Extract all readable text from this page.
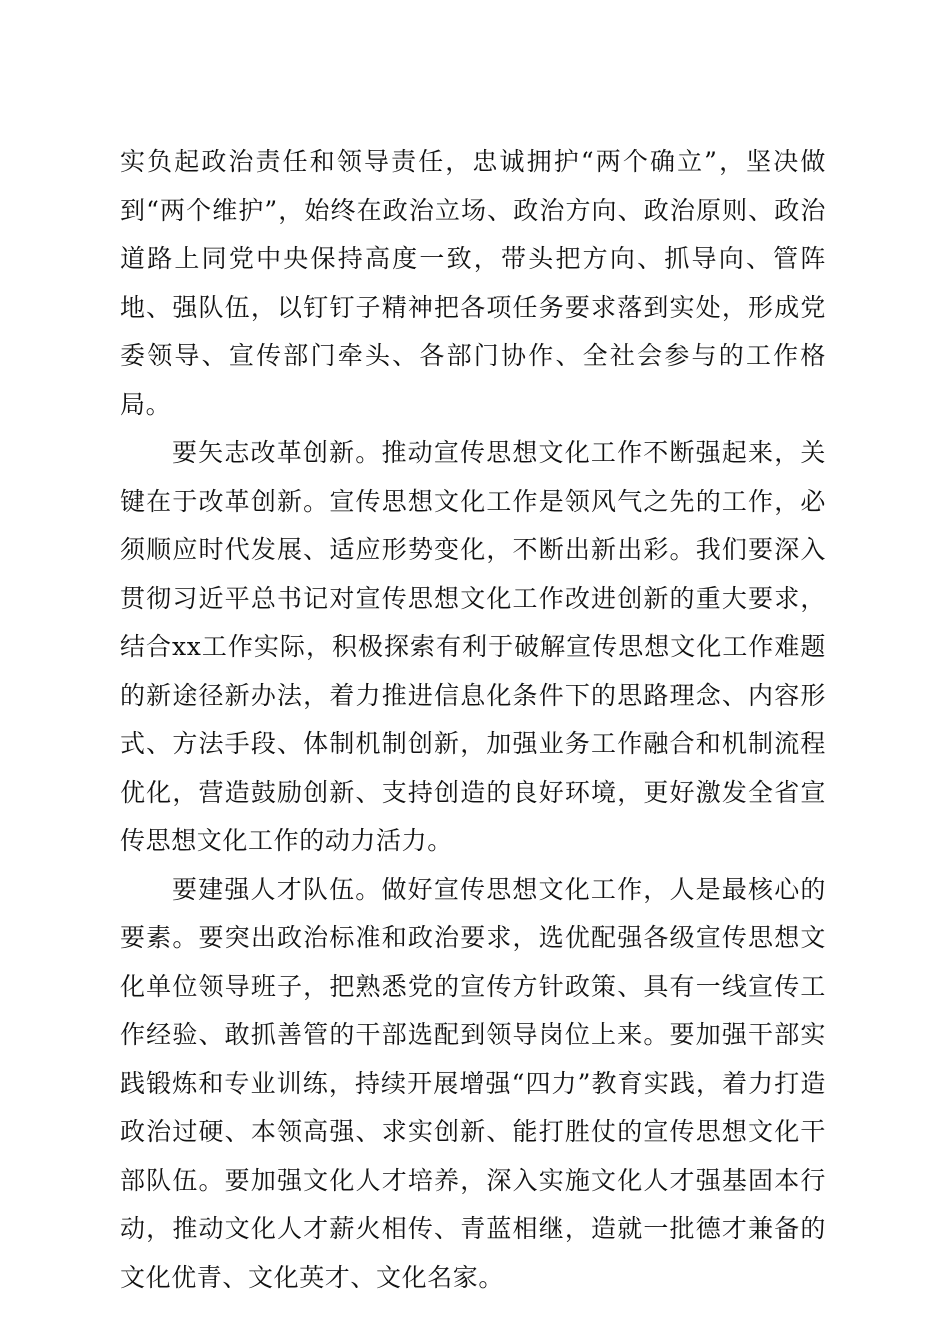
实负起政治责任和领导责任，忠诚拥护“两个确立”，坚决做到“两个维护”，始终在政治立场、政治方向、政治原则、政治道路上同党中央保持高度一致，带头把方向、抓导向、管阵地、强队伍，以钉钉子精神把各项任务要求落到实处，形成党委领导、宣传部门牵头、各部门协作、全社会参与的工作格局。

要矢志改革创新。推动宣传思想文化工作不断强起来，关键在于改革创新。宣传思想文化工作是领风气之先的工作，必须顺应时代发展、适应形势变化，不断出新出彩。我们要深入贯彻习近平总书记对宣传思想文化工作改进创新的重大要求，结合xx工作实际，积极探索有利于破解宣传思想文化工作难题的新途径新办法，着力推进信息化条件下的思路理念、内容形式、方法手段、体制机制创新，加强业务工作融合和机制流程优化，营造鼓励创新、支持创造的良好环境，更好激发全省宣传思想文化工作的动力活力。

要建强人才队伍。做好宣传思想文化工作，人是最核心的要素。要突出政治标准和政治要求，选优配强各级宣传思想文化单位领导班子，把熟悉党的宣传方针政策、具有一线宣传工作经验、敢抓善管的干部选配到领导岗位上来。要加强干部实践锻炼和专业训练，持续开展增强“四力”教育实践，着力打造政治过硬、本领高强、求实创新、能打胜仗的宣传思想文化干部队伍。要加强文化人才培养，深入实施文化人才强基固本行动，推动文化人才薪火相传、青蓝相继，造就一批德才兼备的文化优青、文化英才、文化名家。
